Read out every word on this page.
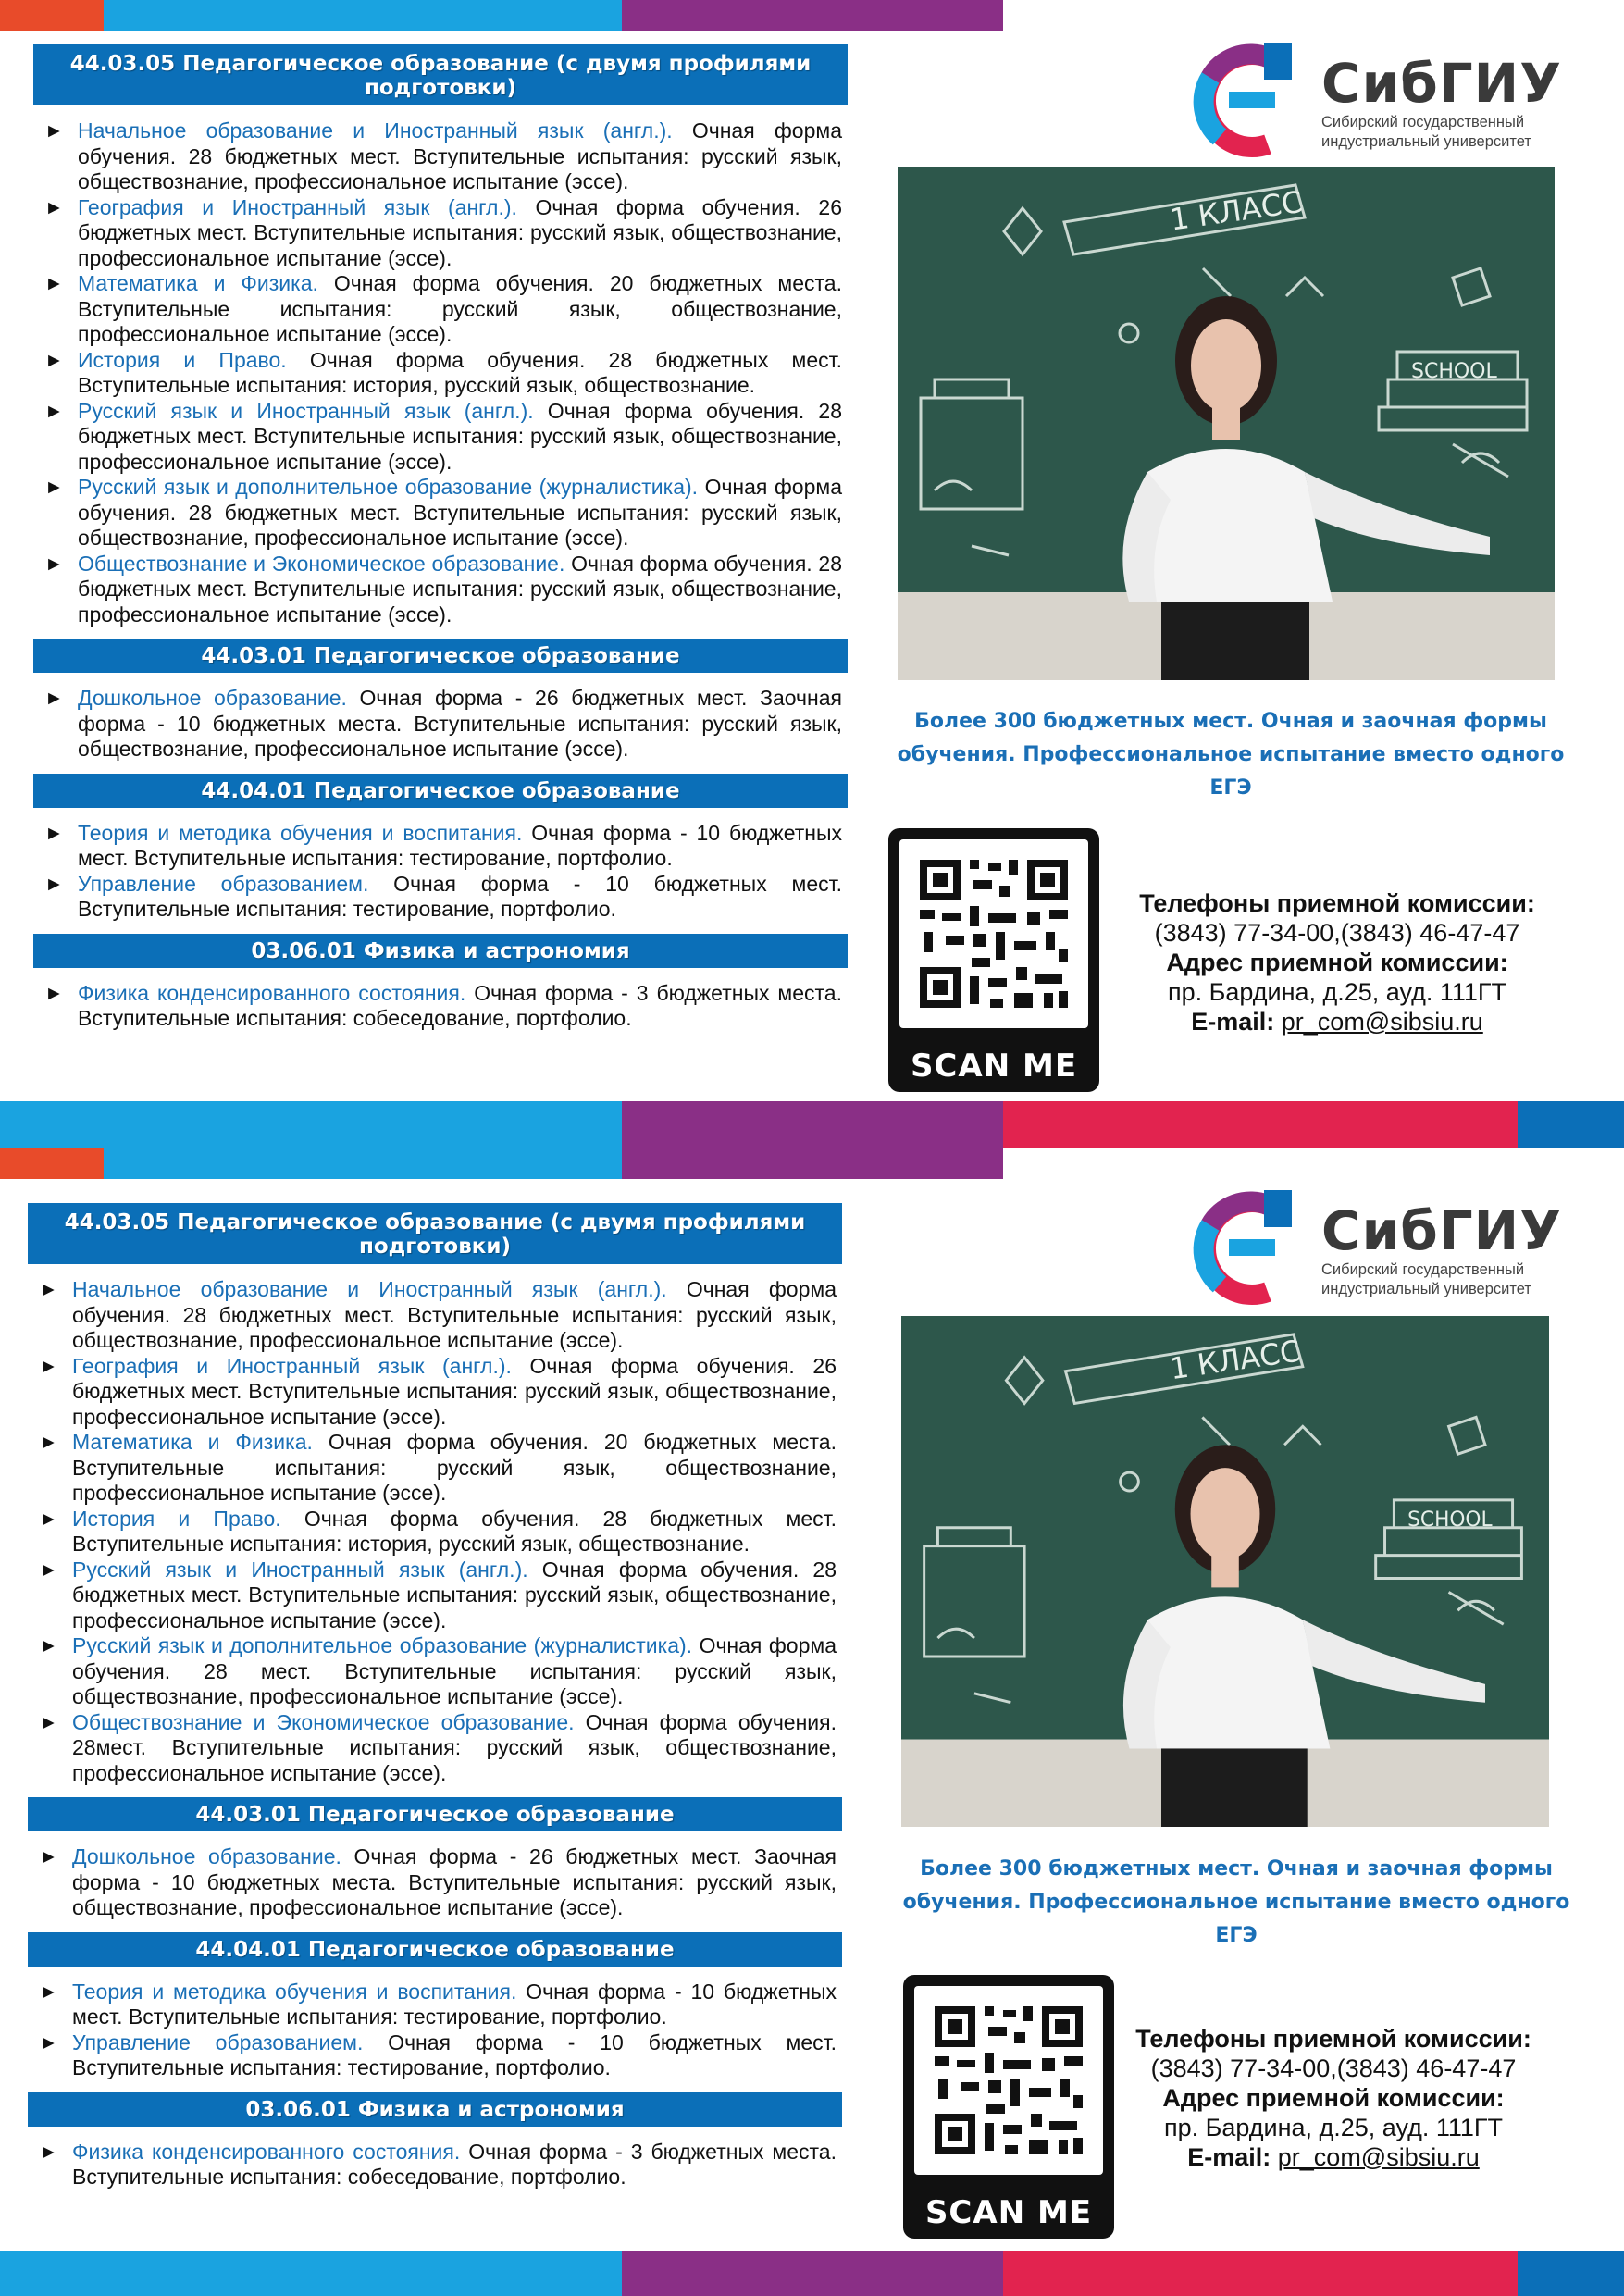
44.03.05 Педагогическое образование (с двумя профилями подготовки)
► Начальное образование и Иностранный язык (англ.). Очная форма обучения. 28 бюджетных мест. Вступительные испытания: русский язык, обществознание, профессиональное испытание (эссе).
► География и Иностранный язык (англ.). Очная форма обучения. 26 бюджетных мест. Вступительные испытания: русский язык, обществознание, профессиональное испытание (эссе).
► Математика и Физика. Очная форма обучения. 20 бюджетных места. Вступительные испытания: русский язык, обществознание, профессиональное испытание (эссе).
► История и Право. Очная форма обучения. 28 бюджетных мест. Вступительные испытания: история, русский язык, обществознание.
► Русский язык и Иностранный язык (англ.). Очная форма обучения. 28 бюджетных мест. Вступительные испытания: русский язык, обществознание, профессиональное испытание (эссе).
► Русский язык и дополнительное образование (журналистика). Очная форма обучения. 28 бюджетных мест. Вступительные испытания: русский язык, обществознание, профессиональное испытание (эссе).
► Обществознание и Экономическое образование. Очная форма обучения. 28 бюджетных мест. Вступительные испытания: русский язык, обществознание, профессиональное испытание (эссе).
44.03.01 Педагогическое образование
► Дошкольное образование. Очная форма - 26 бюджетных мест. Заочная форма - 10 бюджетных места. Вступительные испытания: русский язык, обществознание, профессиональное испытание (эссе).
44.04.01 Педагогическое образование
► Теория и методика обучения и воспитания. Очная форма - 10 бюджетных мест. Вступительные испытания: тестирование, портфолио.
► Управление образованием. Очная форма - 10 бюджетных мест. Вступительные испытания: тестирование, портфолио.
03.06.01 Физика и астрономия
► Физика конденсированного состояния. Очная форма - 3 бюджетных места. Вступительные испытания: собеседование, портфолио.
СибГИУ
Сибирский государственный
индустриальный университет
1 КЛАСС
SCHOOL
Более 300 бюджетных мест. Очная и заочная формы
обучения. Профессиональное испытание вместо одного
ЕГЭ
SCAN ME
Телефоны приемной комиссии:
(3843) 77-34-00,(3843) 46-47-47
Адрес приемной комиссии:
пр. Бардина, д.25, ауд. 111ГТ
E-mail: pr_com@sibsiu.ru
44.03.05 Педагогическое образование (с двумя профилями подготовки)
► Начальное образование и Иностранный язык (англ.). Очная форма обучения. 28 бюджетных мест. Вступительные испытания: русский язык, обществознание, профессиональное испытание (эссе).
► География и Иностранный язык (англ.). Очная форма обучения. 26 бюджетных мест. Вступительные испытания: русский язык, обществознание, профессиональное испытание (эссе).
► Математика и Физика. Очная форма обучения. 20 бюджетных места. Вступительные испытания: русский язык, обществознание, профессиональное испытание (эссе).
► История и Право. Очная форма обучения. 28 бюджетных мест. Вступительные испытания: история, русский язык, обществознание.
► Русский язык и Иностранный язык (англ.). Очная форма обучения. 28 бюджетных мест. Вступительные испытания: русский язык, обществознание, профессиональное испытание (эссе).
► Русский язык и дополнительное образование (журналистика). Очная форма обучения. 28 мест. Вступительные испытания: русский язык, обществознание, профессиональное испытание (эссе).
► Обществознание и Экономическое образование. Очная форма обучения. 28мест. Вступительные испытания: русский язык, обществознание, профессиональное испытание (эссе).
44.03.01 Педагогическое образование
► Дошкольное образование. Очная форма - 26 бюджетных мест. Заочная форма - 10 бюджетных места. Вступительные испытания: русский язык, обществознание, профессиональное испытание (эссе).
44.04.01 Педагогическое образование
► Теория и методика обучения и воспитания. Очная форма - 10 бюджетных мест. Вступительные испытания: тестирование, портфолио.
► Управление образованием. Очная форма - 10 бюджетных мест. Вступительные испытания: тестирование, портфолио.
03.06.01 Физика и астрономия
► Физика конденсированного состояния. Очная форма - 3 бюджетных места. Вступительные испытания: собеседование, портфолио.
СибГИУ
Сибирский государственный
индустриальный университет
1 КЛАСС
SCHOOL
Более 300 бюджетных мест. Очная и заочная формы
обучения. Профессиональное испытание вместо одного
ЕГЭ
SCAN ME
Телефоны приемной комиссии:
(3843) 77-34-00,(3843) 46-47-47
Адрес приемной комиссии:
пр. Бардина, д.25, ауд. 111ГТ
E-mail: pr_com@sibsiu.ru
